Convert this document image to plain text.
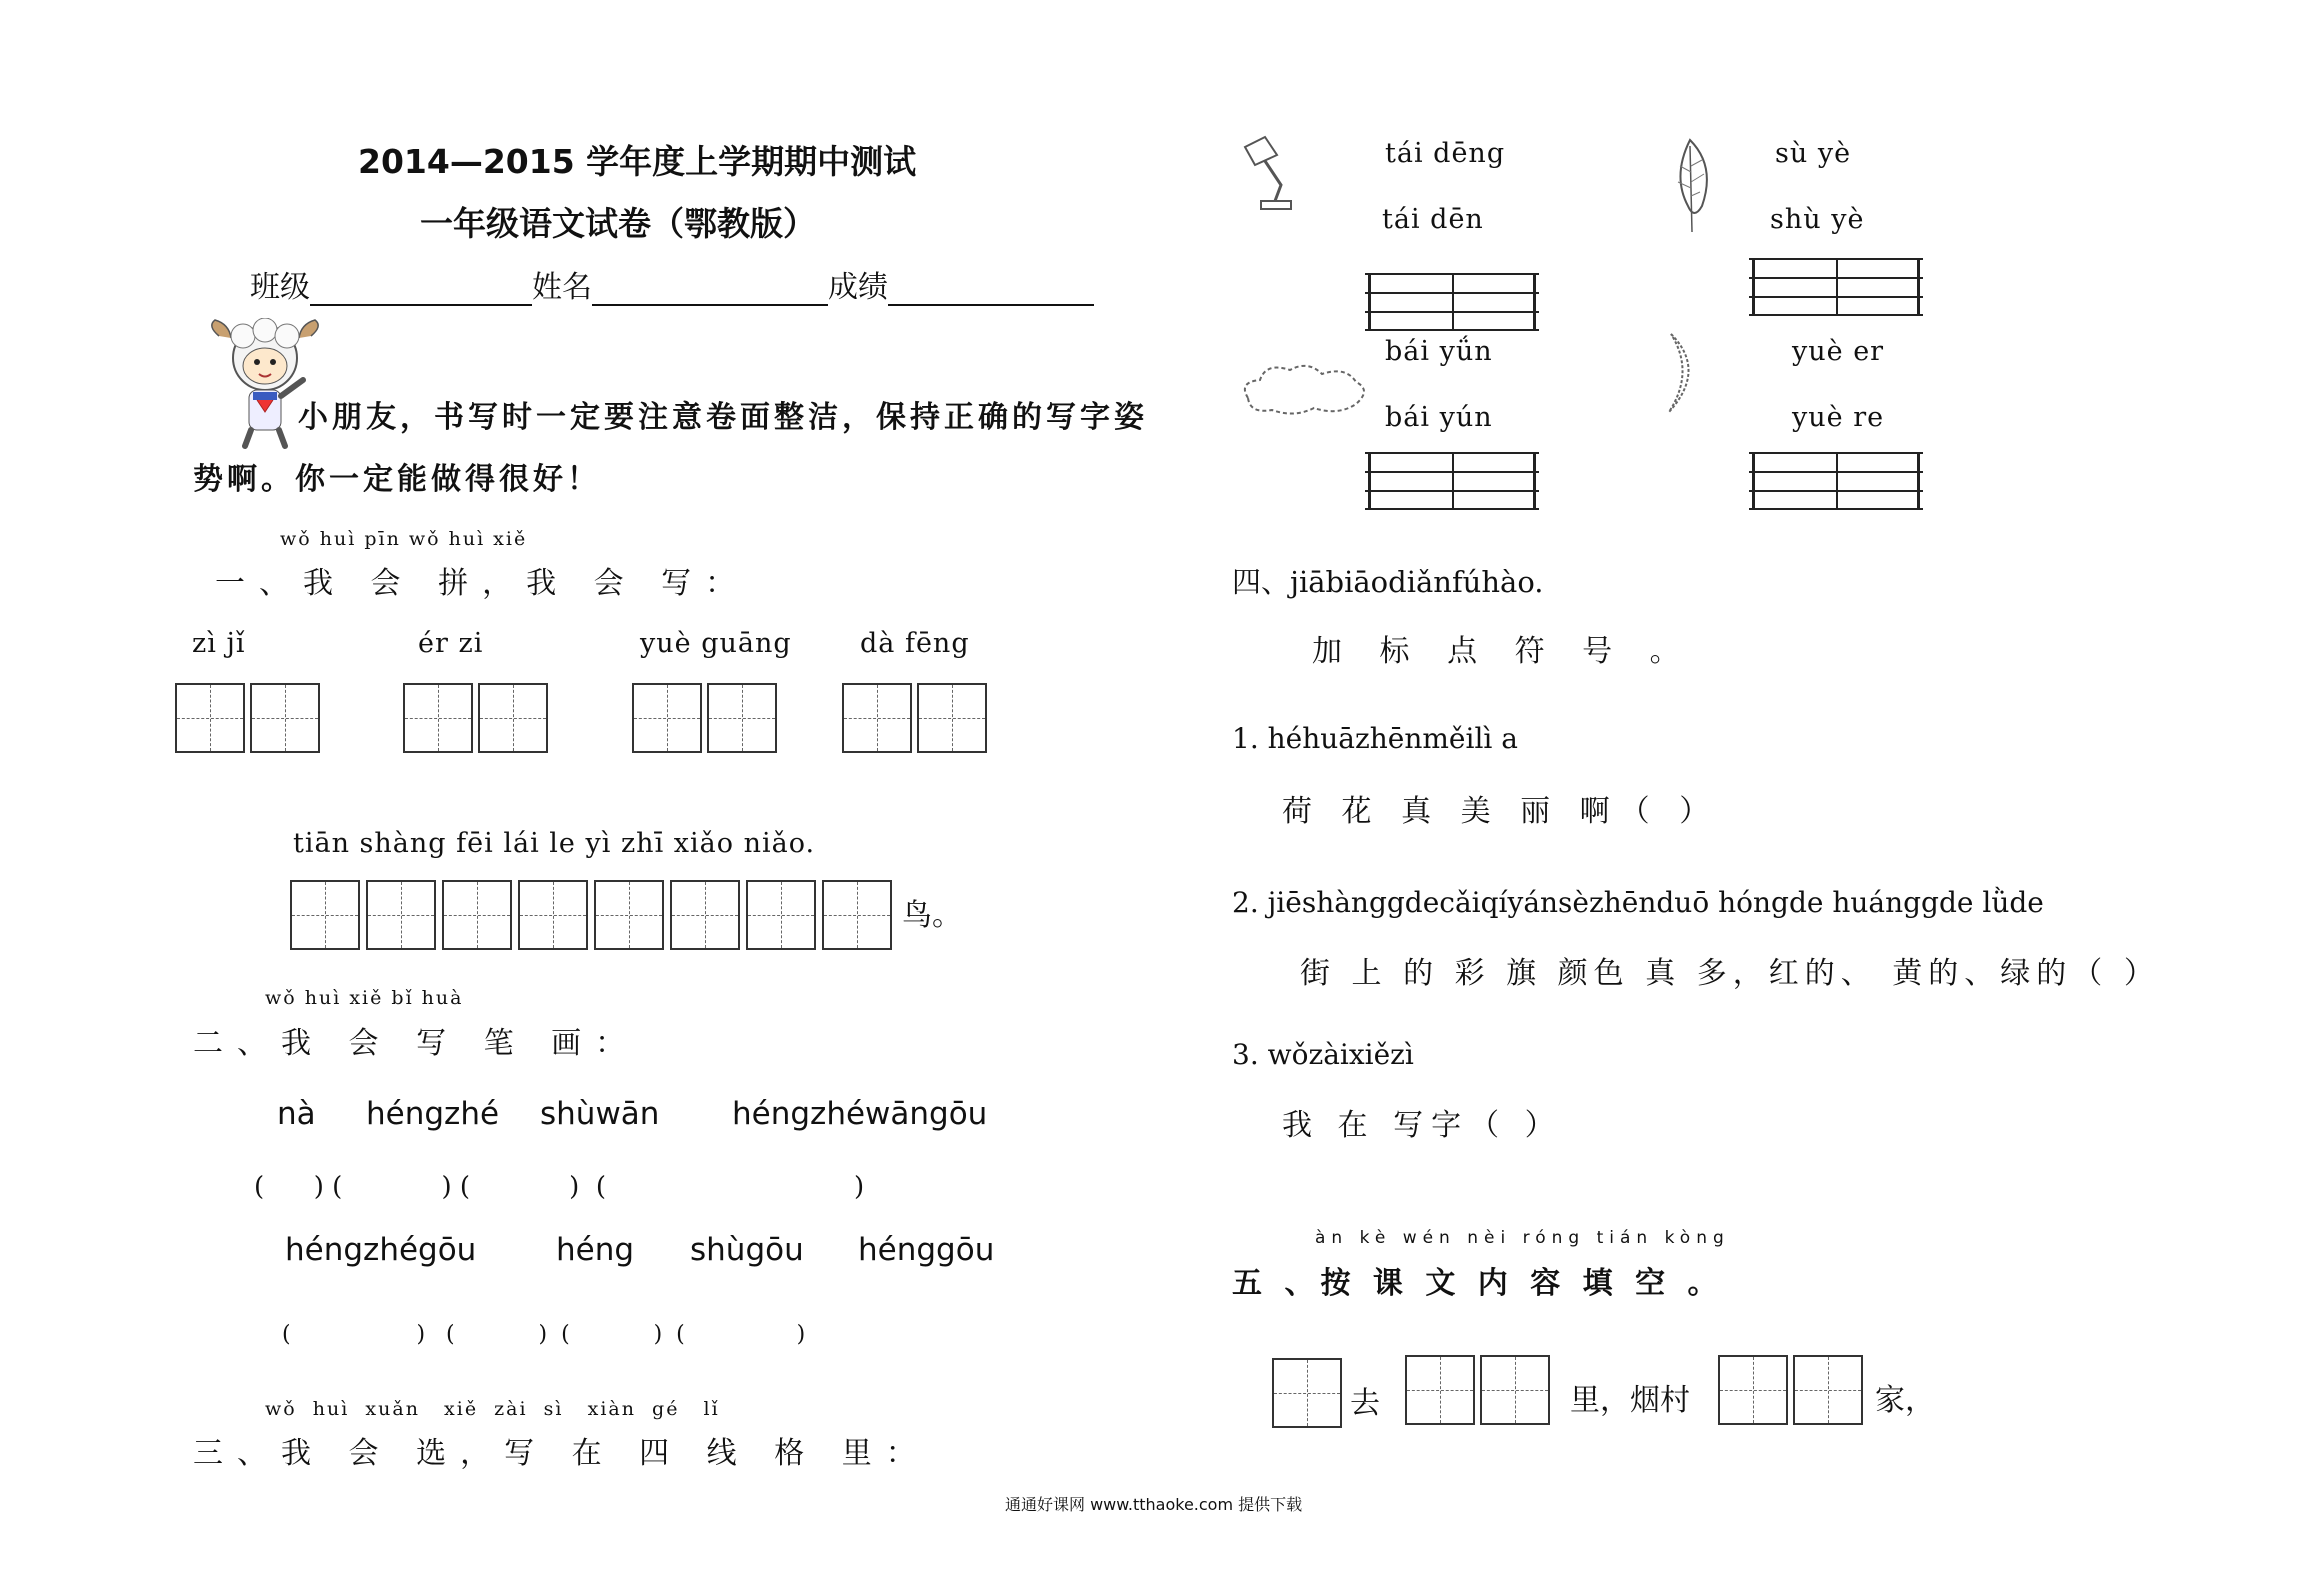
2014—2015 学年度上学期期中测试
一年级语文试卷（鄂教版）
班级	姓名	成绩
小朋友，书写时一定要注意卷面整洁，保持正确的写字姿
势啊。你一定能做得很好！
wǒ huì pīn wǒ huì xiě
一、我 会 拼，我 会 写：
zì jǐ	ér zi	yuè guāng	dà fēng
tiān shàng fēi lái le yì zhī xiǎo niǎo.
鸟。
wǒ huì xiě bǐ huà
二、我 会 写 笔 画：
nà héngzhé shùwān héngzhéwāngōu
(      ) (            ) (            )  (                              )
héngzhégōu	héng shùgōu hénggōu
(                  )   (            )  (            )  (                )
wǒ  huì  xuǎn   xiě  zài  sì   xiàn  gé   lǐ
三、我 会 选，写 在 四 线 格 里：
tái dēng
tái dēn
sù yè
shù yè
bái yǘn
bái yún
yuè er
yuè re
四、jiābiāodiǎnfúhào.
加 标 点 符 号 。
1. héhuāzhēnměilì a
荷 花 真 美 丽 啊（ ）
2. jiēshànggdecǎiqíyánsèzhēnduō hóngde huánggde lǜde
街 上 的 彩 旗 颜色 真 多，红的、 黄的、绿的（ ）
3. wǒzàixiězì
我 在 写字（ ）
àn kè wén nèi róng tián kòng
五 、按 课 文 内 容 填 空 。
去	里，烟村	家，
通通好课网 www.tthaoke.com 提供下载
